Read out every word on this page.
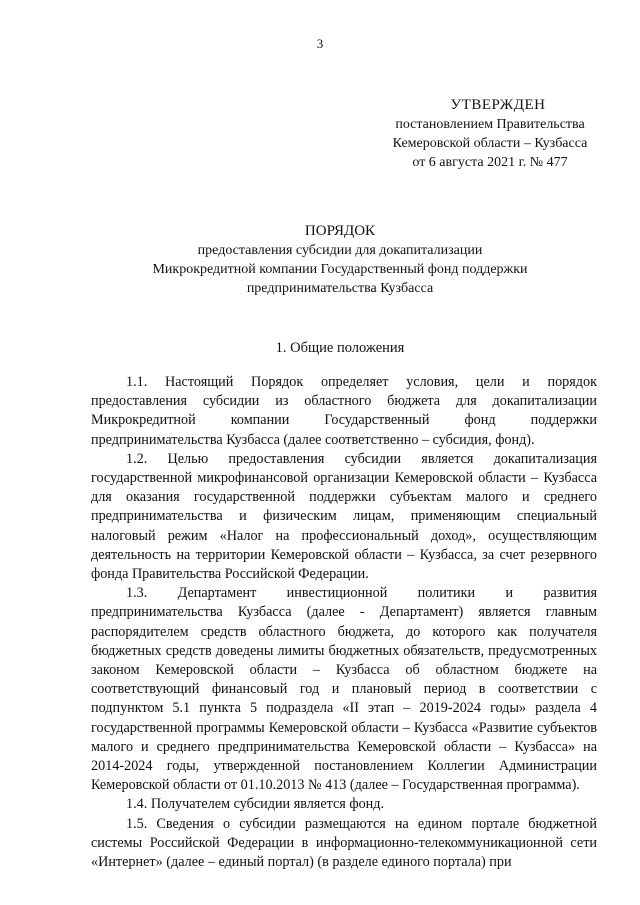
3
УТВЕРЖДЕН
постановлением Правительства
Кемеровской области – Кузбасса
от 6 августа 2021 г. № 477
ПОРЯДОК
предоставления субсидии для докапитализации
Микрокредитной компании Государственный фонд поддержки
предпринимательства Кузбасса
1. Общие положения

1.1. Настоящий Порядок определяет условия, цели и порядок предоставления субсидии из областного бюджета для докапитализации Микрокредитной компании Государственный фонд поддержки предпринимательства Кузбасса (далее соответственно – субсидия, фонд).

1.2. Целью предоставления субсидии является докапитализация государственной микрофинансовой организации Кемеровской области – Кузбасса для оказания государственной поддержки субъектам малого и среднего предпринимательства и физическим лицам, применяющим специальный налоговый режим «Налог на профессиональный доход», осуществляющим деятельность на территории Кемеровской области – Кузбасса, за счет резервного фонда Правительства Российской Федерации.

1.3. Департамент инвестиционной политики и развития предпринимательства Кузбасса (далее - Департамент) является главным распорядителем средств областного бюджета, до которого как получателя бюджетных средств доведены лимиты бюджетных обязательств, предусмотренных законом Кемеровской области – Кузбасса об областном бюджете на соответствующий финансовый год и плановый период в соответствии с подпунктом 5.1 пункта 5 подраздела «II этап – 2019-2024 годы» раздела 4 государственной программы Кемеровской области – Кузбасса «Развитие субъектов малого и среднего предпринимательства Кемеровской области – Кузбасса» на 2014-2024 годы, утвержденной постановлением Коллегии Администрации Кемеровской области от 01.10.2013 № 413 (далее – Государственная программа).

1.4. Получателем субсидии является фонд.

1.5. Сведения о субсидии размещаются на едином портале бюджетной системы Российской Федерации в информационно-телекоммуникационной сети «Интернет» (далее – единый портал) (в разделе единого портала) при
